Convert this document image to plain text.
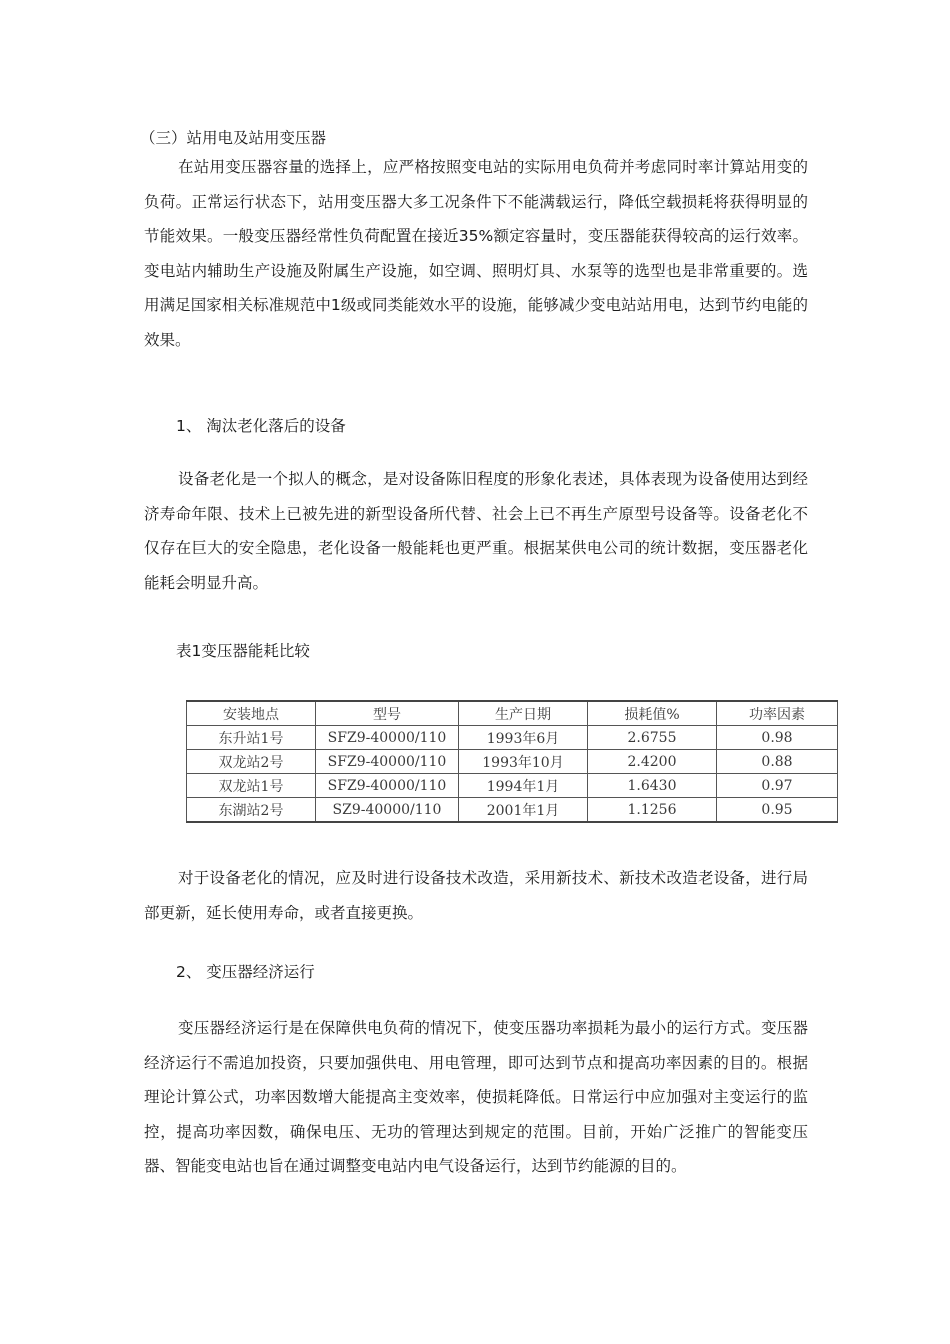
（三）站用电及站用变压器

在站用变压器容量的选择上，应严格按照变电站的实际用电负荷并考虑同时率计算站用变的负荷。正常运行状态下，站用变压器大多工况条件下不能满载运行，降低空载损耗将获得明显的节能效果。一般变压器经常性负荷配置在接近35%额定容量时，变压器能获得较高的运行效率。变电站内辅助生产设施及附属生产设施，如空调、照明灯具、水泵等的选型也是非常重要的。选用满足国家相关标准规范中1级或同类能效水平的设施，能够减少变电站站用电，达到节约电能的效果。

1、 淘汰老化落后的设备

设备老化是一个拟人的概念，是对设备陈旧程度的形象化表述，具体表现为设备使用达到经济寿命年限、技术上已被先进的新型设备所代替、社会上已不再生产原型号设备等。设备老化不仅存在巨大的安全隐患，老化设备一般能耗也更严重。根据某供电公司的统计数据，变压器老化能耗会明显升高。

表1变压器能耗比较
安装地点	型号	生产日期	损耗值%	功率因素
东升站1号	SFZ9-40000/110	1993年6月	2.6755	0.98
双龙站2号	SFZ9-40000/110	1993年10月	2.4200	0.88
双龙站1号	SFZ9-40000/110	1994年1月	1.6430	0.97
东湖站2号	SZ9-40000/110	2001年1月	1.1256	0.95

对于设备老化的情况，应及时进行设备技术改造，采用新技术、新技术改造老设备，进行局部更新，延长使用寿命，或者直接更换。

2、 变压器经济运行

变压器经济运行是在保障供电负荷的情况下，使变压器功率损耗为最小的运行方式。变压器经济运行不需追加投资，只要加强供电、用电管理，即可达到节点和提高功率因素的目的。根据理论计算公式，功率因数增大能提高主变效率，使损耗降低。日常运行中应加强对主变运行的监控，提高功率因数，确保电压、无功的管理达到规定的范围。目前，开始广泛推广的智能变压器、智能变电站也旨在通过调整变电站内电气设备运行，达到节约能源的目的。
